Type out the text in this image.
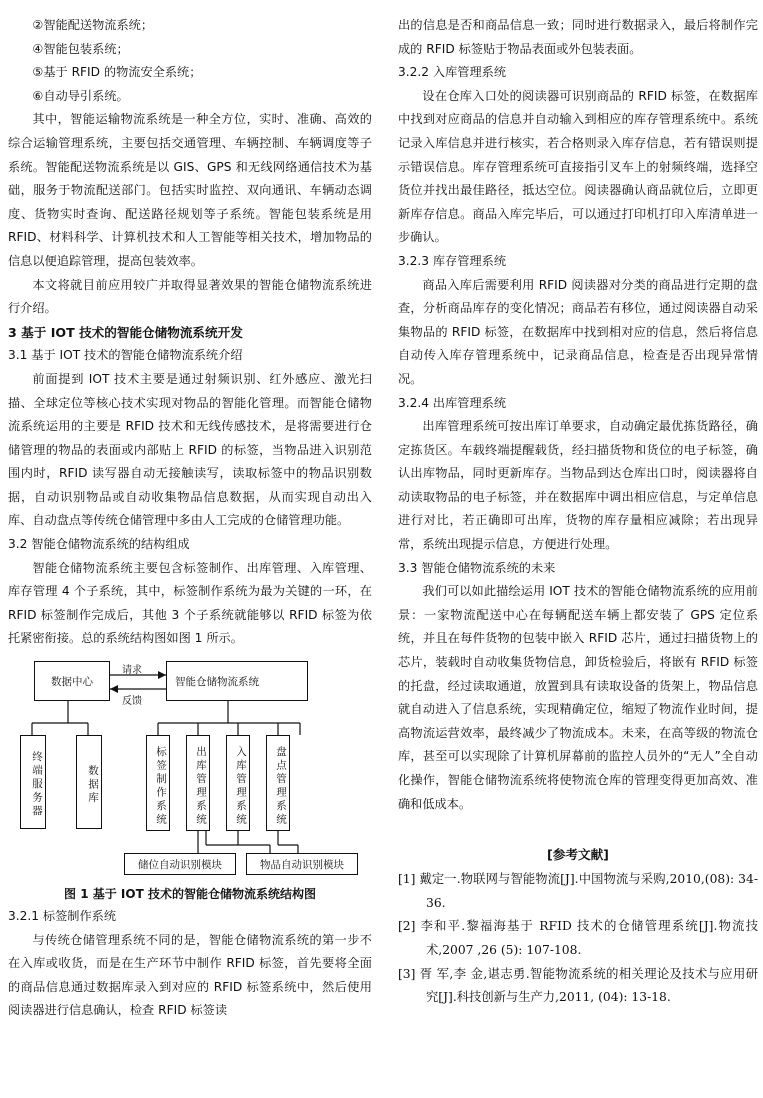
②智能配送物流系统；

④智能包装系统；

⑤基于 RFID 的物流安全系统；

⑥自动导引系统。

其中，智能运输物流系统是一种全方位，实时、准确、高效的综合运输管理系统，主要包括交通管理、车辆控制、车辆调度等子系统。智能配送物流系统是以 GIS、GPS 和无线网络通信技术为基础，服务于物流配送部门。包括实时监控、双向通讯、车辆动态调度、货物实时查询、配送路径规划等子系统。智能包装系统是用 RFID、材料科学、计算机技术和人工智能等相关技术，增加物品的信息以便追踪管理，提高包装效率。

本文将就目前应用较广并取得显著效果的智能仓储物流系统进行介绍。

3 基于 IOT 技术的智能仓储物流系统开发
3.1 基于 IOT 技术的智能仓储物流系统介绍

前面提到 IOT 技术主要是通过射频识别、红外感应、激光扫描、全球定位等核心技术实现对物品的智能化管理。而智能仓储物流系统运用的主要是 RFID 技术和无线传感技术，是将需要进行仓储管理的物品的表面或内部贴上 RFID 的标签，当物品进入识别范围内时，RFID 读写器自动无接触读写，读取标签中的物品识别数据，自动识别物品或自动收集物品信息数据，从而实现自动出入库、自动盘点等传统仓储管理中多由人工完成的仓储管理功能。

3.2 智能仓储物流系统的结构组成

智能仓储物流系统主要包含标签制作、出库管理、入库管理、库存管理 4 个子系统，其中，标签制作系统为最为关键的一环，在 RFID 标签制作完成后，其他 3 个子系统就能够以 RFID 标签为依托紧密衔接。总的系统结构图如图 1 所示。

请求
反馈
数据中心	智能仓储物流系统
终端服务器	数据库	标签制作系统	出库管理系统	入库管理系统	盘点管理系统
储位自动识别模块	物品自动识别模块
图 1 基于 IOT 技术的智能仓储物流系统结构图
3.2.1 标签制作系统

与传统仓储管理系统不同的是，智能仓储物流系统的第一步不在入库或收货，而是在生产环节中制作 RFID 标签，首先要将全面的商品信息通过数据库录入到对应的 RFID 标签系统中，然后使用阅读器进行信息确认，检查 RFID 标签读

出的信息是否和商品信息一致；同时进行数据录入，最后将制作完成的 RFID 标签贴于物品表面或外包装表面。

3.2.2 入库管理系统

设在仓库入口处的阅读器可识别商品的 RFID 标签，在数据库中找到对应商品的信息并自动输入到相应的库存管理系统中。系统记录入库信息并进行核实，若合格则录入库存信息，若有错误则提示错误信息。库存管理系统可直接指引叉车上的射频终端，选择空货位并找出最佳路径，抵达空位。阅读器确认商品就位后，立即更新库存信息。商品入库完毕后，可以通过打印机打印入库清单进一步确认。

3.2.3 库存管理系统

商品入库后需要利用 RFID 阅读器对分类的商品进行定期的盘查，分析商品库存的变化情况；商品若有移位，通过阅读器自动采集物品的 RFID 标签，在数据库中找到相对应的信息，然后将信息自动传入库存管理系统中，记录商品信息，检查是否出现异常情况。

3.2.4 出库管理系统

出库管理系统可按出库订单要求，自动确定最优拣货路径，确定拣货区。车载终端提醒载货，经扫描货物和货位的电子标签，确认出库物品，同时更新库存。当物品到达仓库出口时，阅读器将自动读取物品的电子标签，并在数据库中调出相应信息，与定单信息进行对比，若正确即可出库，货物的库存量相应减除；若出现异常，系统出现提示信息，方便进行处理。

3.3 智能仓储物流系统的未来

我们可以如此描绘运用 IOT 技术的智能仓储物流系统的应用前景：一家物流配送中心在每辆配送车辆上都安装了 GPS 定位系统，并且在每件货物的包装中嵌入 RFID 芯片，通过扫描货物上的芯片，装载时自动收集货物信息，卸货检验后，将嵌有 RFID 标签的托盘，经过读取通道，放置到具有读取设备的货架上，物品信息就自动进入了信息系统，实现精确定位，缩短了物流作业时间，提高物流运营效率，最终减少了物流成本。未来，在高等级的物流仓库，甚至可以实现除了计算机屏幕前的监控人员外的“无人”全自动化操作，智能仓储物流系统将使物流仓库的管理变得更加高效、准确和低成本。

[参考文献]
[1] 戴定一.物联网与智能物流[J].中国物流与采购,2010,(08): 34-36.
[2] 李和平.黎福海基于 RFID 技术的仓储管理系统[J].物流技术,2007 ,26 (5): 107-108.
[3] 胥 军,李 金,谌志勇.智能物流系统的相关理论及技术与应用研究[J].科技创新与生产力,2011, (04): 13-18.
